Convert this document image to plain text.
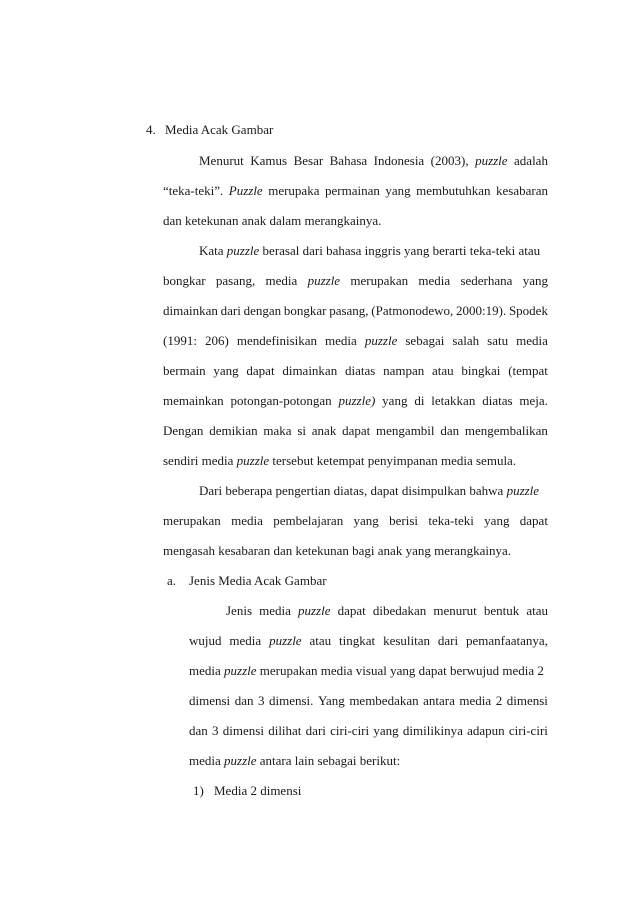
4. Media Acak Gambar
Menurut Kamus Besar Bahasa Indonesia (2003), puzzle adalah
“teka-teki”. Puzzle merupaka permainan yang membutuhkan kesabaran
dan ketekunan anak dalam merangkainya.
Kata puzzle berasal dari bahasa inggris yang berarti teka-teki atau
bongkar pasang, media puzzle merupakan media sederhana yang
dimainkan dari dengan bongkar pasang, (Patmonodewo, 2000:19). Spodek
(1991: 206) mendefinisikan media puzzle sebagai salah satu media
bermain yang dapat dimainkan diatas nampan atau bingkai (tempat
memainkan potongan-potongan puzzle) yang di letakkan diatas meja.
Dengan demikian maka si anak dapat mengambil dan mengembalikan
sendiri media puzzle tersebut ketempat penyimpanan media semula.
Dari beberapa pengertian diatas, dapat disimpulkan bahwa puzzle
merupakan media pembelajaran yang berisi teka-teki yang dapat
mengasah kesabaran dan ketekunan bagi anak yang merangkainya.
a. Jenis Media Acak Gambar
Jenis media puzzle dapat dibedakan menurut bentuk atau
wujud media puzzle atau tingkat kesulitan dari pemanfaatanya,
media puzzle merupakan media visual yang dapat berwujud media 2
dimensi dan 3 dimensi. Yang membedakan antara media 2 dimensi
dan 3 dimensi dilihat dari ciri-ciri yang dimilikinya adapun ciri-ciri
media puzzle antara lain sebagai berikut:
1) Media 2 dimensi
